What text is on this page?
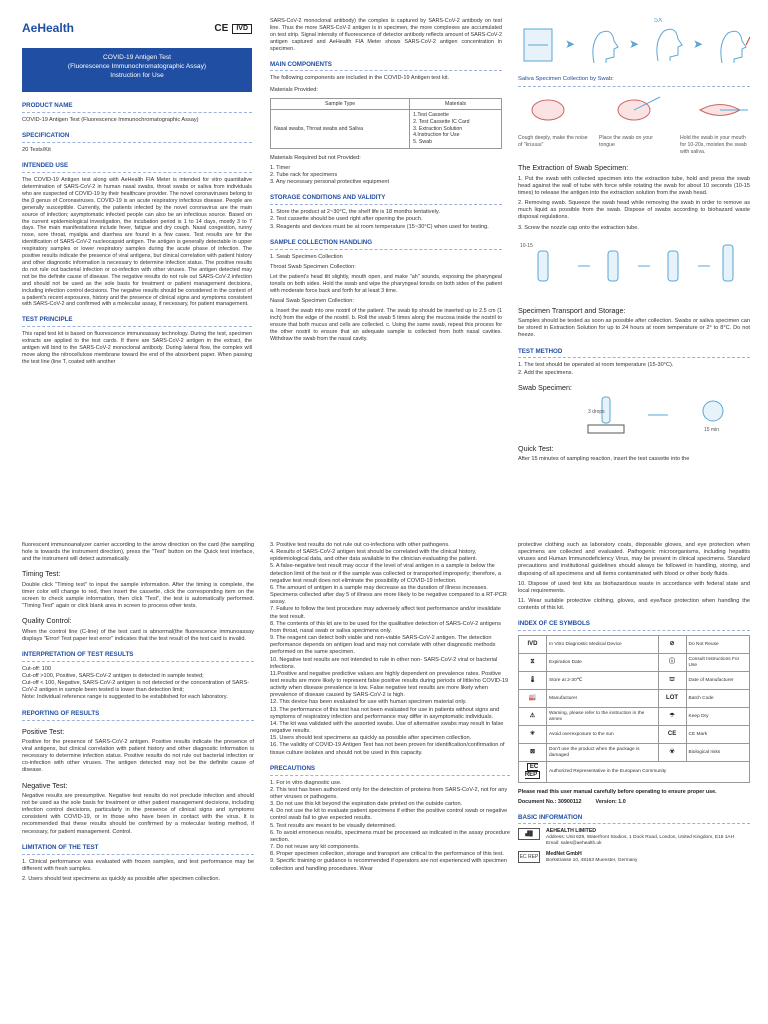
AeHealth	CE	IVD
COVID-19 Antigen Test
(Fluorescence Immunochromatographic Assay)
Instruction for Use
PRODUCT NAME

COVID-19 Antigen Test (Fluorescence Immunochromatographic Assay)

SPECIFICATION

20 Tests/Kit

INTENDED USE

The COVID-19 Antigen test along with AeHealth FIA Meter is intended for vitro quantitative determination of SARS-CoV-2 in human nasal swabs, throat swabs or saliva from individuals who are suspected of COVID-19 by their healthcare provider. The novel coronaviruses belong to the β genus of Coronaviruses. COVID-19 is an acute respiratory infectious disease. People are generally susceptible. Currently, the patients infected by the novel coronavirus are the main source of infection; asymptomatic infected people can also be an infectious source. Based on the current epidemiological investigation, the incubation period is 1 to 14 days, mostly 3 to 7 days. The main manifestations include fever, fatigue and dry cough. Nasal congestion, runny nose, sore throat, myalgia and diarrhea are found in a few cases. Test results are for the identification of SARS-CoV-2 nucleocapsid antigen. The antigen is generally detectable in upper respiratory samples or lower respiratory samples during the acute phase of infection. The positive results indicate the presence of viral antigens, but clinical correlation with patient history and other diagnostic information is necessary to determine infection status. The positive results do not rule out bacterial infection or co-infection with other viruses. The antigen detected may not be the definite cause of disease. The negative results do not rule out SARS-CoV-2 infection and should not be used as the sole basis for treatment or patient management decisions, including infection control decisions. The negative results should be considered in the context of a patient's recent exposures, history and the presence of clinical signs and symptoms consistent with SARS-CoV-2 and confirmed with a molecular assay, if necessary, for patient management.

TEST PRINCIPLE

This rapid test kit is based on fluorescence immunoassay technology. During the test, specimen extracts are applied to the test cards. If there are SARS-CoV-2 antigen in the extract, the antigen will bind to the SARS-CoV-2 monoclonal antibody. During lateral flow, the complex will move along the nitrocellulose membrane toward the end of the absorbent paper. When passing the test line (line T, coated with another

SARS-CoV-2 monoclonal antibody) the complex is captured by SARS-CoV-2 antibody on test line. Thus the more SARS-CoV-2 antigen is in specimen, the more complexes are accumulated on test strip. Signal intensity of fluorescence of detector antibody reflects amount of SARS-CoV-2 antigen captured and AeHealth FIA Meter shows SARS-CoV-2 antigen concentration in specimen.

MAIN COMPONENTS

The following components are included in the COVID-19 Antigen test kit.

Materials Provided:

Sample Type	Materials
Nasal swabs, Throat swabs and Saliva	1.Test Cassette
2. Test Cassette IC Card
3. Extraction Solution
4.Instruction for Use
5. Swab

Materials Required but not Provided:

1. Timer
2. Tube rack for specimens
3. Any necessary personal protective equipment
STORAGE CONDITIONS AND VALIDITY
1. Store the product at 2~30°C, the shelf life is 18 months tentatively.
2. Test cassette should be used right after opening the pouch.
3. Reagents and devices must be at room temperature (15~30°C) when used for testing.
SAMPLE COLLECTION HANDLING

1. Swab Specimen Collection

Throat Swab Specimen Collection:

Let the patient's head tilt slightly, mouth open, and make "ah" sounds, exposing the pharyngeal tonsils on both sides. Hold the swab and wipe the pharyngeal tonsils on both sides of the patient with moderate force back and forth for at least 3 time.

Nasal Swab Specimen Collection:

a. Insert the swab into one nostril of the patient. The swab tip should be inserted up to 2.5 cm (1 inch) from the edge of the nostril. b. Roll the swab 5 times along the mucosa inside the nostril to ensure that both mucus and cells are collected. c. Using the same swab, repeat this process for the other nostril to ensure that an adequate sample is collected from both nasal cavities. Withdraw the swab from the nasal cavity.

➤	➤
5X
➤
Saliva Specimen Collection by Swab:
Cough deeply, make the noise of "kruuuu"
Place the swab on your tongue
Hold the swab in your mouth for 10-20s, moisten the swab with saliva.
The Extraction of Swab Specimen:

1. Put the swab with collected specimen into the extraction tube, hold and press the swab head against the wall of tube with force while rotating the swab for about 10 seconds (10-15 times) to release the antigen into the extraction solution from the swab head.

2. Removing swab. Squeeze the swab head while removing the swab in order to remove as much liquid as possible from the swab. Dispose of swabs according to biohazard waste disposal regulations.

3. Screw the nozzle cap onto the extraction tube.

10-15
Specimen Transport and Storage:

Samples should be tested as soon as possible after collection. Swabs or saliva specimen can be stored in Extraction Solution for up to 24 hours at room temperature or 2° to 8°C. Do not freeze.

TEST METHOD
1. The test should be operated at room temperature (15-30°C).
2. Add the specimens.
Swab Specimen:
3 drops
15 min
Quick Test:

After 15 minutes of sampling reaction, insert the test cassette into the

fluorescent immunoanalyzer carrier according to the arrow direction on the card (the sampling hole is towards the instrument direction), press the "Test" button on the Quick test interface, and the instrument will detect automatically.

Timing Test:

Double click "Timing test" to input the sample information. After the timing is complete, the timer color will change to red, then insert the cassette, click the corresponding item on the screen to check sample information, then click "Test", the test is automatically performed. "Timing Test" again or click blank area in screen to process other tests.

Quality Control:

When the control line (C-line) of the test card is abnormal(the fluorescence immunoassay displays "Error! Test paper test error" indicates that the test result of the test card is invalid.

INTERPRETATION OF TEST RESULTS
Cut-off: 100
Cut-off >100, Positive, SARS-CoV-2 antigen is detected in sample tested;
Cut-off < 100, Negative, SARS-CoV-2 antigen is not detected or the concentration of SARS-CoV-2 antigen in sample been tested is lower than detection limit;
Note: Individual reference range is suggested to be established for each laboratory.
REPORTING OF RESULTS
Positive Test:

Positive for the presence of SARS-CoV-2 antigen. Positive results indicate the presence of viral antigens, but clinical correlation with patient history and other diagnostic information is necessary to determine infection status. Positive results do not rule out bacterial infection or co-infection with other viruses. The antigen detected may not be the definite cause of disease.

Negative Test:

Negative results are presumptive. Negative test results do not preclude infection and should not be used as the sole basis for treatment or other patient management decisions, including infection control decisions, particularly in the presence of clinical signs and symptoms consistent with COVID-19, or in those who have been in contact with the virus. It is recommended that these results should be confirmed by a molecular testing method, if necessary, for patient management. Control.

LIMITATION OF THE TEST

1. Clinical performance was evaluated with frozen samples, and test performance may be different with fresh samples.

2. Users should test specimens as quickly as possible after specimen collection.

3. Positive test results do not rule out co-infections with other pathogens.
4. Results of SARS-CoV-2 antigen test should be correlated with the clinical history, epidemiological data, and other data available to the clinician evaluating the patient.
5. A false-negative test result may occur if the level of viral antigen in a sample is below the detection limit of the test or if the sample was collected or transported improperly; therefore, a negative test result does not eliminate the possibility of COVID-19 infection.
6. The amount of antigen in a sample may decrease as the duration of illness increases. Specimens collected after day 5 of illness are more likely to be negative compared to a RT-PCR assay.
7. Failure to follow the test procedure may adversely affect test performance and/or invalidate the test result.
8. The contents of this kit are to be used for the qualitative detection of SARS-CoV-2 antigens from throat, nasal swab or saliva specimens only.
9. The reagent can detect both viable and non-viable SARS-CoV-2 antigen. The detection performance depends on antigen load and may not correlate with other diagnostic methods performed on the same specimen.
10. Negative test results are not intended to rule in other non- SARS-CoV-2 viral or bacterial infections.
11.Positive and negative predictive values are highly dependent on prevalence rates. Positive test results are more likely to represent false positive results during periods of little/no COVID-19 activity when disease prevalence is low. False negative test results are more likely when prevalence of disease caused by SARS-CoV-2 is high.
12. This device has been evaluated for use with human specimen material only.
13. The performance of this test has not been evaluated for use in patients without signs and symptoms of respiratory infection and performance may differ in asymptomatic individuals.
14. The kit was validated with the assorted swabs. Use of alternative swabs may result in false negative results.
15. Users should test specimens as quickly as possible after specimen collection.
16. The validity of COVID-19 Antigen Test has not been proven for identification/confirmation of tissue culture isolates and should not be used in this capacity.
PRECAUTIONS
1. For in vitro diagnostic use.
2. This test has been authorized only for the detection of proteins from SARS-CoV-2, not for any other viruses or pathogens.
3. Do not use this kit beyond the expiration date printed on the outside carton.
4. Do not use the kit to evaluate patient specimens if either the positive control swab or negative control swab fail to give expected results.
5. Test results are meant to be visually determined.
6. To avoid erroneous results, specimens must be processed as indicated in the assay procedure section.
7. Do not reuse any kit components.
8. Proper specimen collection, storage and transport are critical to the performance of this test.
9. Specific training or guidance is recommended if operators are not experienced with specimen collection and handling procedures. Wear

protective clothing such as laboratory coats, disposable gloves, and eye protection when specimens are collected and evaluated. Pathogenic microorganisms, including hepatitis viruses and Human Immunodeficiency Virus, may be present in clinical specimens. Standard precautions and institutional guidelines should always be followed in handling, storing, and disposing of all specimens and all items contaminated with blood or other body fluids.

10. Dispose of used test kits as biohazardous waste in accordance with federal state and local requirements.

11. Wear suitable protective clothing, gloves, and eye/face protection when handling the contents of this kit.

INDEX OF CE SYMBOLS
IVD	In Vitro Diagnostic Medical Device	⊘	Do Not Reuse
⧖	Expiration Date	ⓘ	Consult Instructions For Use
🌡	Store at 2-30℃	⛫	Date of Manufacturer
🏭	Manufacturer	LOT	Batch Code
⚠	Warning, please refer to the instruction in the annex	☂	Keep Dry
☀	Avoid overexposure to the sun	CE	CE Mark
⊠	Don't use the product when the package is damaged	☣	Biological risks
EC REP	Authorized Representative in the European Community		
Please read this user manual carefully before operating to ensure proper use.
Document No.: 30900112	Version: 1.0
BASIC INFORMATION
▟█	AEHEALTH LIMITED
Address: Unit 629, Waterfront Studios, 1 Dock Road, London, United Kingdom, E16 1AH
Email: sales@aehealth.uk
EC REP	MedNet GmbH
Borkstrasse 10, 48163 Muenster, Germany
